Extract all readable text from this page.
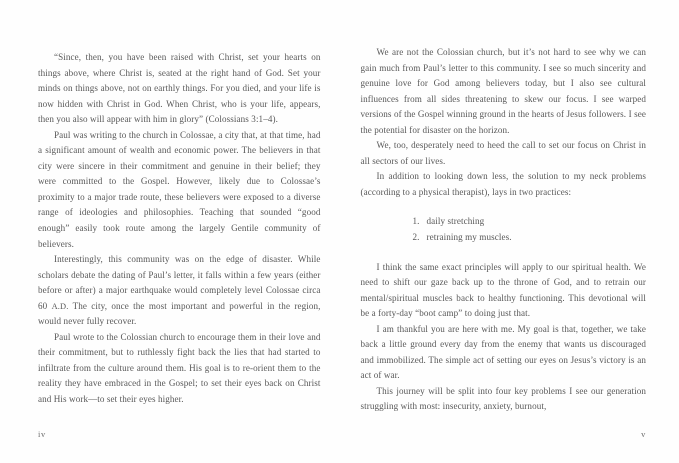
“Since, then, you have been raised with Christ, set your hearts on things above, where Christ is, seated at the right hand of God. Set your minds on things above, not on earthly things. For you died, and your life is now hidden with Christ in God. When Christ, who is your life, appears, then you also will appear with him in glory” (Colossians 3:1–4).

Paul was writing to the church in Colossae, a city that, at that time, had a significant amount of wealth and economic power. The believers in that city were sincere in their commitment and genuine in their belief; they were committed to the Gospel. However, likely due to Colossae’s proximity to a major trade route, these believers were exposed to a diverse range of ideologies and philosophies. Teaching that sounded “good enough” easily took route among the largely Gentile community of believers.

Interestingly, this community was on the edge of disaster. While scholars debate the dating of Paul’s letter, it falls within a few years (either before or after) a major earthquake would completely level Colossae circa 60 A.D. The city, once the most important and powerful in the region, would never fully recover.

Paul wrote to the Colossian church to encourage them in their love and their commitment, but to ruthlessly fight back the lies that had started to infiltrate from the culture around them. His goal is to re-orient them to the reality they have embraced in the Gospel; to set their eyes back on Christ and His work—to set their eyes higher.

iv

We are not the Colossian church, but it’s not hard to see why we can gain much from Paul’s letter to this community. I see so much sincerity and genuine love for God among believers today, but I also see cultural influences from all sides threatening to skew our focus. I see warped versions of the Gospel winning ground in the hearts of Jesus followers. I see the potential for disaster on the horizon.

We, too, desperately need to heed the call to set our focus on Christ in all sectors of our lives.

In addition to looking down less, the solution to my neck problems (according to a physical therapist), lays in two practices:

1. daily stretching
2. retraining my muscles.

I think the same exact principles will apply to our spiritual health. We need to shift our gaze back up to the throne of God, and to retrain our mental/spiritual muscles back to healthy functioning. This devotional will be a forty-day “boot camp” to doing just that.

I am thankful you are here with me. My goal is that, together, we take back a little ground every day from the enemy that wants us discouraged and immobilized. The simple act of setting our eyes on Jesus’s victory is an act of war.

This journey will be split into four key problems I see our generation struggling with most: insecurity, anxiety, burnout,

v
